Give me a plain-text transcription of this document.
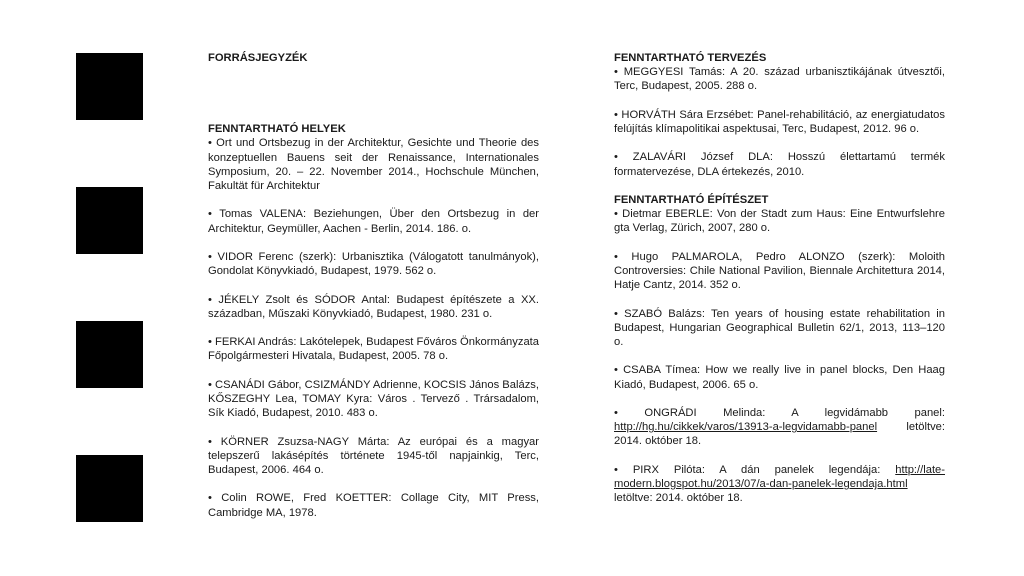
FORRÁSJEGYZÉK
FENNTARTHATÓ HELYEK

• Ort und Ortsbezug in der Architektur, Gesichte und Theorie des konzeptuellen Bauens seit der Renaissance, Internationales Symposium, 20. – 22. November 2014., Hochschule München, Fakultät für Architektur

• Tomas VALENA: Beziehungen, Über den Ortsbezug in der Architektur, Geymüller, Aachen - Berlin, 2014. 186. o.

• VIDOR Ferenc (szerk): Urbanisztika (Válogatott tanulmányok), Gondolat Könyvkiadó, Budapest, 1979. 562 o.

• JÉKELY Zsolt és SÓDOR Antal: Budapest építészete a XX. században, Műszaki Könyvkiadó, Budapest, 1980. 231 o.

• FERKAI András: Lakótelepek, Budapest Főváros Önkormányzata Főpolgármesteri Hivatala, Budapest, 2005. 78 o.

• CSANÁDI Gábor, CSIZMÁNDY Adrienne, KOCSIS János Balázs, KŐSZEGHY Lea, TOMAY Kyra: Város . Tervező . Trársadalom, Sík Kiadó, Budapest, 2010. 483 o.

• KÖRNER Zsuzsa-NAGY Márta: Az európai és a magyar telepszerű lakásépítés története 1945-től napjainkig, Terc, Budapest, 2006. 464 o.

• Colin ROWE, Fred KOETTER: Collage City, MIT Press, Cambridge MA, 1978.

FENNTARTHATÓ TERVEZÉS

• MEGGYESI Tamás: A 20. század urbanisztikájának útvesztői, Terc, Budapest, 2005. 288 o.

• HORVÁTH Sára Erzsébet: Panel-rehabilitáció, az energiatudatos felújítás klímapolitikai aspektusai, Terc, Budapest, 2012. 96 o.

• ZALAVÁRI József DLA: Hosszú élettartamú termék formatervezése, DLA értekezés, 2010.

FENNTARTHATÓ ÉPÍTÉSZET

• Dietmar EBERLE: Von der Stadt zum Haus: Eine Entwurfslehre gta Verlag, Zürich, 2007, 280 o.

• Hugo PALMAROLA, Pedro ALONZO (szerk): Moloith Controversies: Chile National Pavilion, Biennale Architettura 2014, Hatje Cantz, 2014. 352 o.

• SZABÓ Balázs: Ten years of housing estate rehabilitation in Budapest, Hungarian Geographical Bulletin 62/1, 2013, 113–120 o.

• CSABA Tímea: How we really live in panel blocks, Den Haag Kiadó, Budapest, 2006. 65 o.

• ONGRÁDI Melinda: A legvidámabb panel: http://hg.hu/cikkek/varos/13913-a-legvidamabb-panel letöltve: 2014. október 18.

• PIRX Pilóta: A dán panelek legendája: http://late-modern.blogspot.hu/2013/07/a-dan-panelek-legendaja.html letöltve: 2014. október 18.
